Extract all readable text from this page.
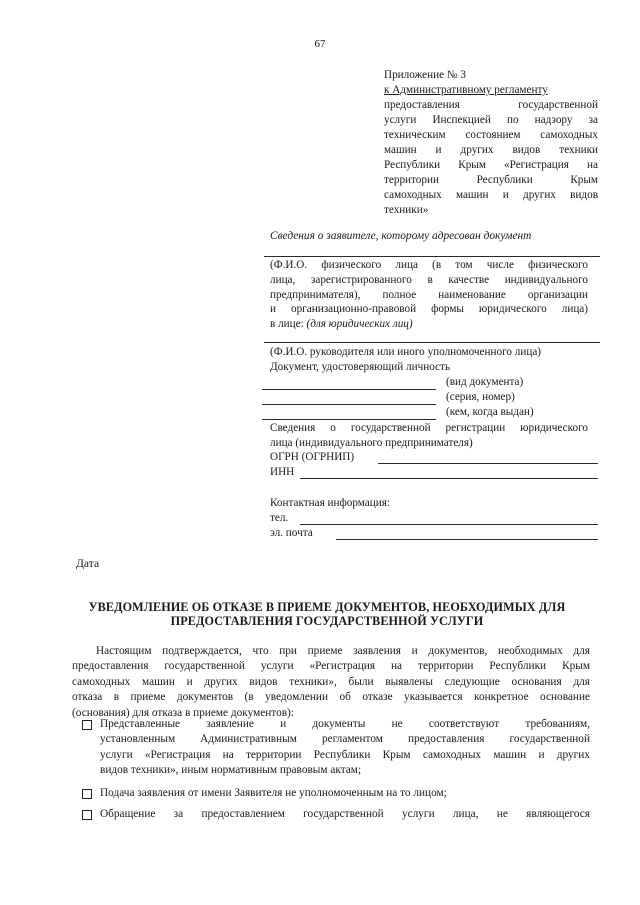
67
Приложение № 3
к Административному регламенту
предоставления государственной
услуги Инспекцией по надзору за
техническим состоянием самоходных
машин и других видов техники
Республики Крым «Регистрация на
территории Республики Крым
самоходных машин и других видов
техники»
Сведения о заявителе, которому адресован документ
(Ф.И.О. физического лица (в том числе физического
лица, зарегистрированного в качестве индивидуального
предпринимателя), полное наименование организации
и организационно-правовой формы юридического лица)
в лице: (для юридических лиц)
(Ф.И.О. руководителя или иного уполномоченного лица)
Документ, удостоверяющий личность
(вид документа)
(серия, номер)
(кем, когда выдан)
Сведения о государственной регистрации юридического
лица (индивидуального предпринимателя)
ОГРН (ОГРНИП)
ИНН
Контактная информация:
тел.
эл. почта
Дата
УВЕДОМЛЕНИЕ ОБ ОТКАЗЕ В ПРИЕМЕ ДОКУМЕНТОВ, НЕОБХОДИМЫХ ДЛЯ
ПРЕДОСТАВЛЕНИЯ ГОСУДАРСТВЕННОЙ УСЛУГИ
Настоящим подтверждается, что при приеме заявления и документов, необходимых для
предоставления государственной услуги «Регистрация на территории Республики Крым
самоходных машин и других видов техники», были выявлены следующие основания для
отказа в приеме документов (в уведомлении об отказе указывается конкретное основание
(основания) для отказа в приеме документов):
Представленные заявление и документы не соответствуют требованиям,
установленным Административным регламентом предоставления государственной
услуги «Регистрация на территории Республики Крым самоходных машин и других
видов техники», иным нормативным правовым актам;
Подача заявления от имени Заявителя не уполномоченным на то лицом;
Обращение за предоставлением государственной услуги лица, не являющегося
